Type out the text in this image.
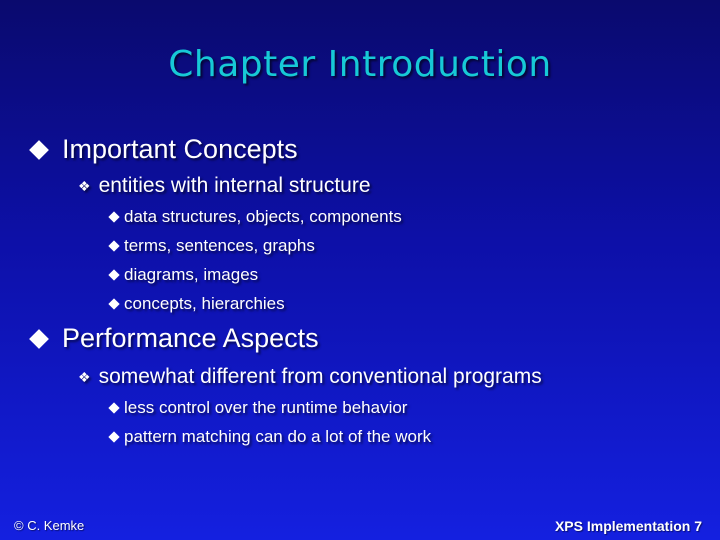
Chapter Introduction
Important Concepts
❖ entities with internal structure
data structures, objects, components
terms, sentences, graphs
diagrams, images
concepts, hierarchies
Performance Aspects
❖ somewhat different from conventional programs
less control over the runtime behavior
pattern matching can do a lot of the work
© C. Kemke	XPS Implementation 7
